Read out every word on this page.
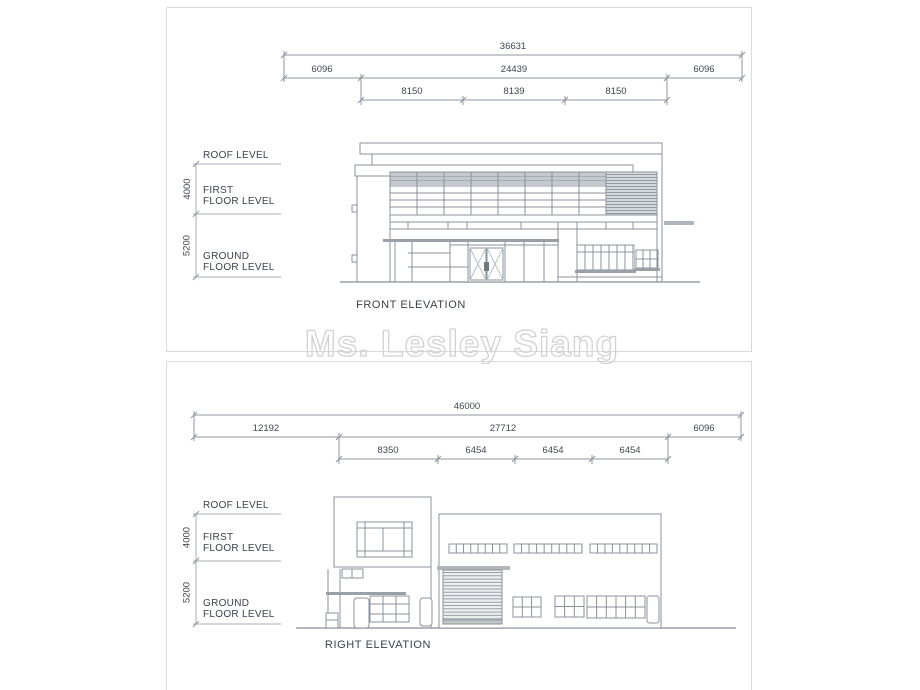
36631
6096	24439	6096
8150	8139	8150
ROOF LEVEL
FIRST
FLOOR LEVEL
GROUND
FLOOR LEVEL
4000
5200
FRONT ELEVATION
46000
12192	27712	6096
8350	6454	6454	6454
ROOF LEVEL
FIRST
FLOOR LEVEL
GROUND
FLOOR LEVEL
4000
5200
RIGHT ELEVATION
Ms. Lesley Siang
